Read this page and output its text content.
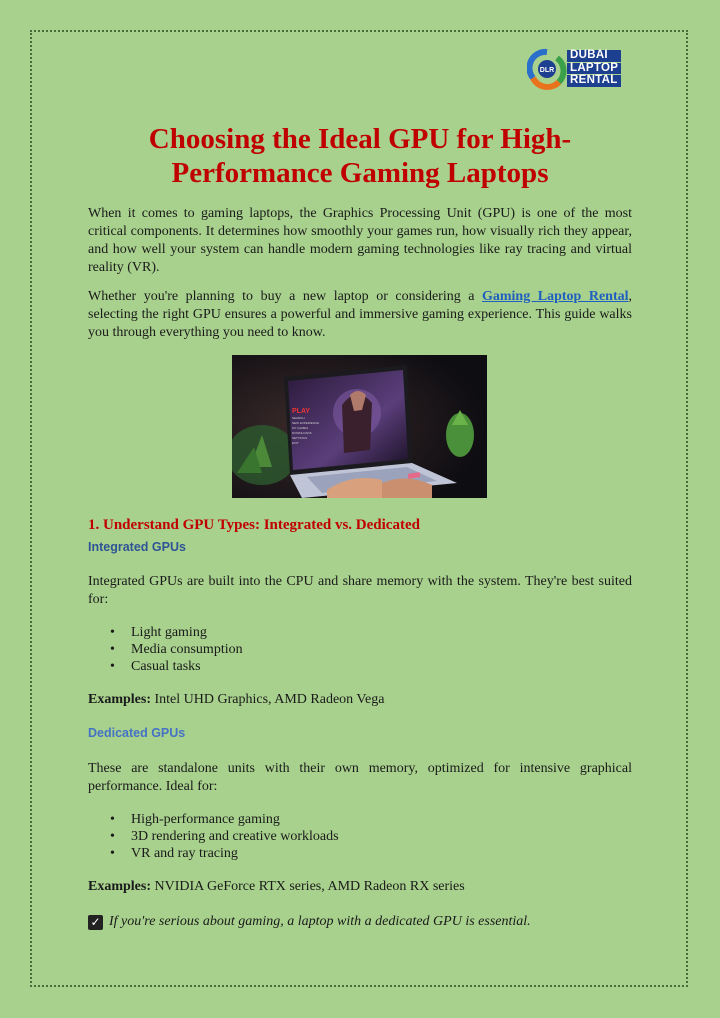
DLR
DUBAI
LAPTOP
RENTAL
Choosing the Ideal GPU for High-Performance Gaming Laptops

When it comes to gaming laptops, the Graphics Processing Unit (GPU) is one of the most critical components. It determines how smoothly your games run, how visually rich they appear, and how well your system can handle modern gaming technologies like ray tracing and virtual reality (VR).

Whether you're planning to buy a new laptop or considering a Gaming Laptop Rental, selecting the right GPU ensures a powerful and immersive gaming experience. This guide walks you through everything you need to know.

PLAY
SEARCH
NEW EXPERIENCE
MY GAMES
DOWNLOADS
SETTINGS
EXIT
1. Understand GPU Types: Integrated vs. Dedicated
Integrated GPUs

Integrated GPUs are built into the CPU and share memory with the system. They're best suited for:

• Light gaming
• Media consumption
• Casual tasks

Examples: Intel UHD Graphics, AMD Radeon Vega

Dedicated GPUs

These are standalone units with their own memory, optimized for intensive graphical performance. Ideal for:

• High-performance gaming
• 3D rendering and creative workloads
• VR and ray tracing

Examples: NVIDIA GeForce RTX series, AMD Radeon RX series

✓ If you're serious about gaming, a laptop with a dedicated GPU is essential.
